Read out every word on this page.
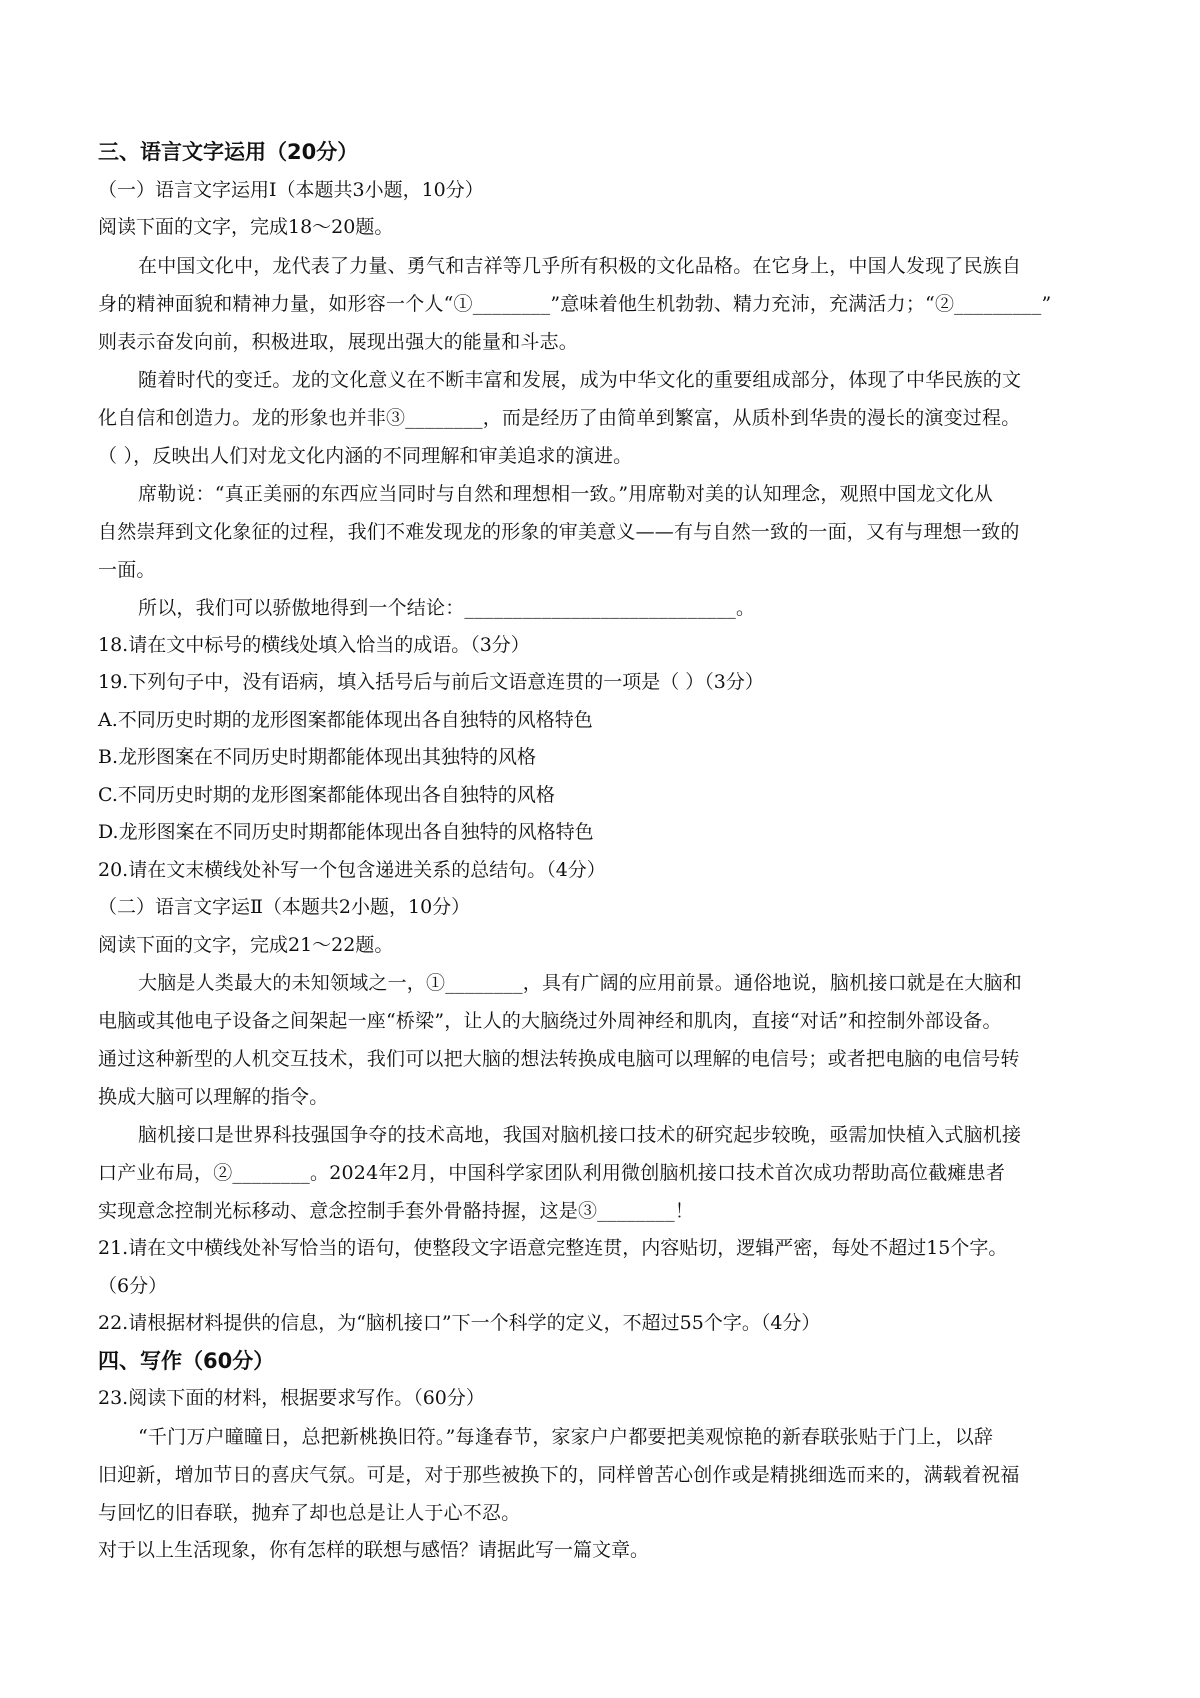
三、语言文字运用（20分）

（一）语言文字运用Ⅰ（本题共3小题，10分）

阅读下面的文字，完成18～20题。

在中国文化中，龙代表了力量、勇气和吉祥等几乎所有积极的文化品格。在它身上，中国人发现了民族自

身的精神面貌和精神力量，如形容一个人“①________”意味着他生机勃勃、精力充沛，充满活力；“②_________”

则表示奋发向前，积极进取，展现出强大的能量和斗志。

随着时代的变迁。龙的文化意义在不断丰富和发展，成为中华文化的重要组成部分，体现了中华民族的文

化自信和创造力。龙的形象也并非③________，而是经历了由简单到繁富，从质朴到华贵的漫长的演变过程。

（ ），反映出人们对龙文化内涵的不同理解和审美追求的演进。

席勒说：“真正美丽的东西应当同时与自然和理想相一致。”用席勒对美的认知理念，观照中国龙文化从

自然崇拜到文化象征的过程，我们不难发现龙的形象的审美意义——有与自然一致的一面，又有与理想一致的

一面。

所以，我们可以骄傲地得到一个结论：____________________________。

18.请在文中标号的横线处填入恰当的成语。（3分）

19.下列句子中，没有语病，填入括号后与前后文语意连贯的一项是（ ）（3分）

A.不同历史时期的龙形图案都能体现出各自独特的风格特色

B.龙形图案在不同历史时期都能体现出其独特的风格

C.不同历史时期的龙形图案都能体现出各自独特的风格

D.龙形图案在不同历史时期都能体现出各自独特的风格特色

20.请在文末横线处补写一个包含递进关系的总结句。（4分）

（二）语言文字运Ⅱ（本题共2小题，10分）

阅读下面的文字，完成21～22题。

大脑是人类最大的未知领域之一，①________，具有广阔的应用前景。通俗地说，脑机接口就是在大脑和

电脑或其他电子设备之间架起一座“桥梁”，让人的大脑绕过外周神经和肌肉，直接“对话”和控制外部设备。

通过这种新型的人机交互技术，我们可以把大脑的想法转换成电脑可以理解的电信号；或者把电脑的电信号转

换成大脑可以理解的指令。

脑机接口是世界科技强国争夺的技术高地，我国对脑机接口技术的研究起步较晚，亟需加快植入式脑机接

口产业布局，②________。2024年2月，中国科学家团队利用微创脑机接口技术首次成功帮助高位截瘫患者

实现意念控制光标移动、意念控制手套外骨骼持握，这是③________！

21.请在文中横线处补写恰当的语句，使整段文字语意完整连贯，内容贴切，逻辑严密，每处不超过15个字。

（6分）

22.请根据材料提供的信息，为“脑机接口”下一个科学的定义，不超过55个字。（4分）

四、写作（60分）

23.阅读下面的材料，根据要求写作。（60分）

“千门万户曈曈日，总把新桃换旧符。”每逢春节，家家户户都要把美观惊艳的新春联张贴于门上，以辞

旧迎新，增加节日的喜庆气氛。可是，对于那些被换下的，同样曾苦心创作或是精挑细选而来的，满载着祝福

与回忆的旧春联，抛弃了却也总是让人于心不忍。

对于以上生活现象，你有怎样的联想与感悟？请据此写一篇文章。
